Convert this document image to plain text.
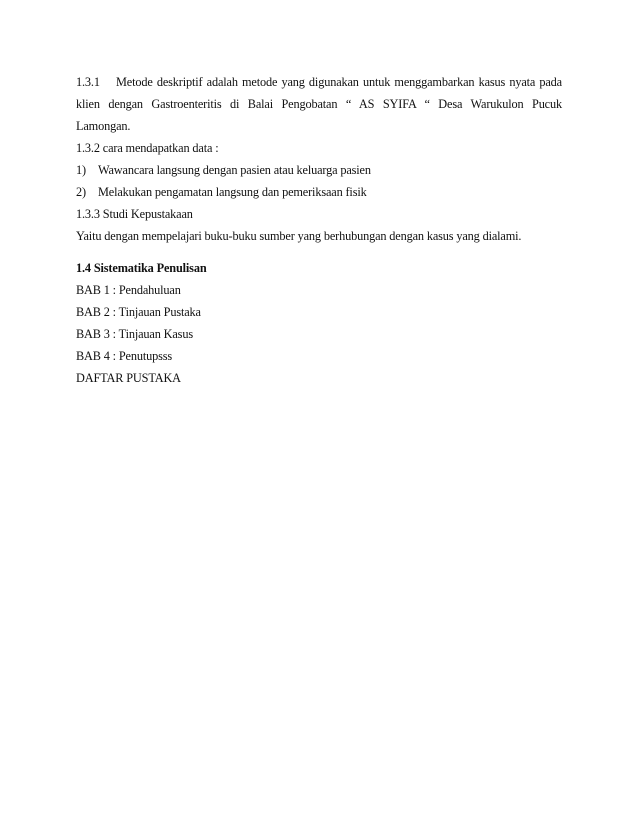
1.3.1 Metode deskriptif adalah metode yang digunakan untuk menggambarkan kasus nyata pada
klien dengan Gastroenteritis di Balai Pengobatan “ AS SYIFA “ Desa Warukulon Pucuk
Lamongan.
1.3.2 cara mendapatkan data :
1) Wawancara langsung dengan pasien atau keluarga pasien
2) Melakukan pengamatan langsung dan pemeriksaan fisik
1.3.3 Studi Kepustakaan
Yaitu dengan mempelajari buku-buku sumber yang berhubungan dengan kasus yang dialami.
1.4 Sistematika Penulisan
BAB 1 : Pendahuluan
BAB 2 : Tinjauan Pustaka
BAB 3 : Tinjauan Kasus
BAB 4 : Penutupsss
DAFTAR PUSTAKA
